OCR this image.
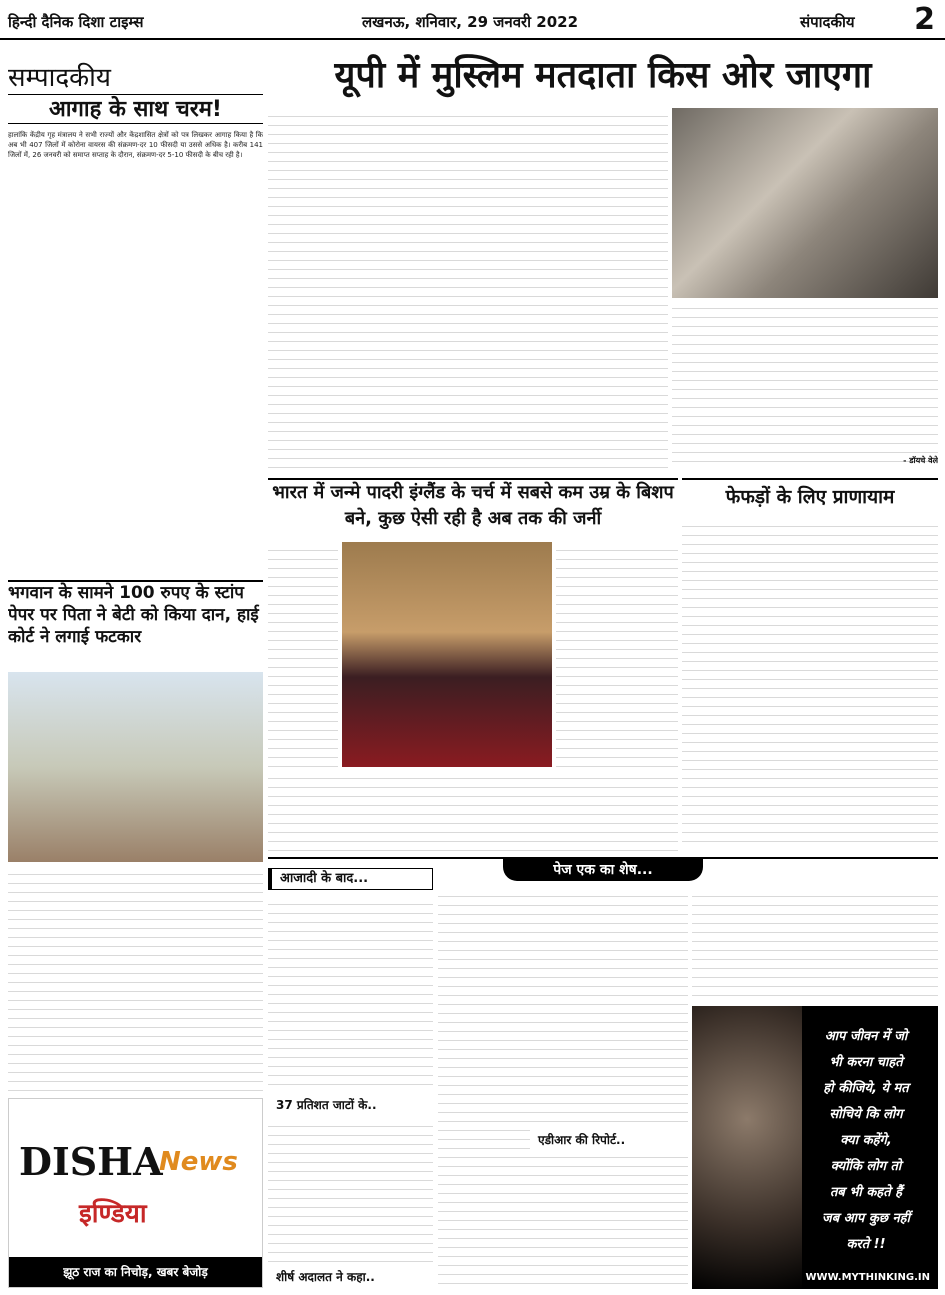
हिन्दी दैनिक दिशा टाइम्स	लखनऊ, शनिवार, 29 जनवरी 2022	संपादकीय 2
यूपी में मुस्लिम मतदाता किस ओर जाएगा
सम्पादकीय
आगाह के साथ चरम!
हालांकि केंद्रीय गृह मंत्रालय ने सभी राज्यों और केंद्रशासित क्षेत्रों को पत्र लिखकर आगाह किया है कि अब भी 407 जिलों में कोरोना वायरस की संक्रमण-दर 10 फीसदी या उससे अधिक है। करीब 141 जिलों में, 26 जनवरी को समाप्त सप्ताह के दौरान, संक्रमण-दर 5-10 फीसदी के बीच रही है।
- डॉयचे वेले
भगवान के सामने 100 रुपए के स्टांप पेपर पर पिता ने बेटी को किया दान, हाई कोर्ट ने लगाई फटकार
भारत में जन्मे पादरी इंग्लैंड के चर्च में सबसे कम उम्र के बिशप बने, कुछ ऐसी रही है अब तक की जर्नी
फेफड़ों के लिए प्राणायाम
पेज एक का शेष...
आजादी के बाद...
37 प्रतिशत जाटों के..
शीर्ष अदालत ने कहा..
एडीआर की रिपोर्ट..
आप जीवन में जो
भी करना चाहते
हो कीजिये, ये मत
सोचिये कि लोग
क्या कहेंगे,
क्योंकि लोग तो
तब भी कहते हैं
जब आप कुछ नहीं
करते !!
WWW.MYTHINKING.IN
DISHA
News
इण्डिया
झूठ राज का निचोड़, खबर बेजोड़
